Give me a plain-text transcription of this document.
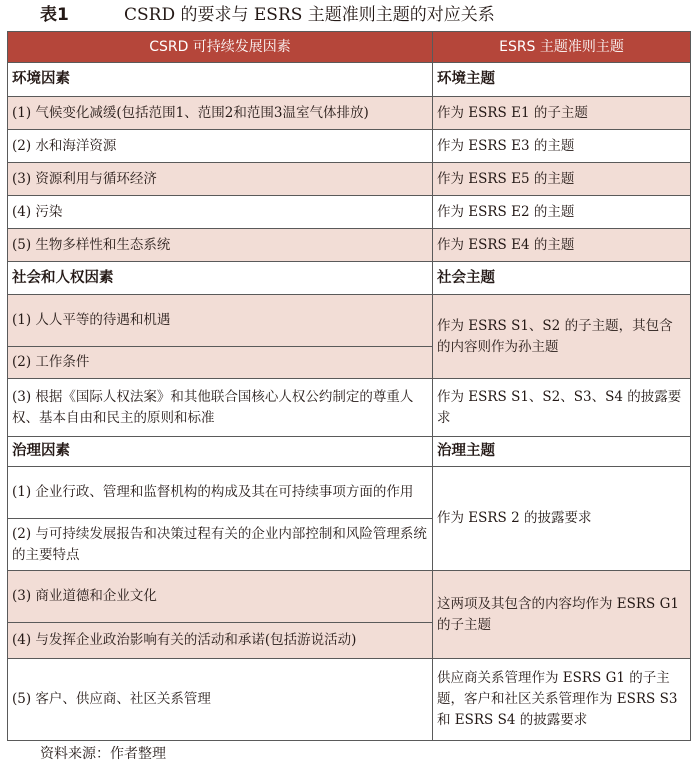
表1	CSRD 的要求与 ESRS 主题准则主题的对应关系
CSRD 可持续发展因素	ESRS 主题准则主题
环境因素	环境主题
(1) 气候变化减缓(包括范围1、范围2和范围3温室气体排放)	作为 ESRS E1 的子主题
(2) 水和海洋资源	作为 ESRS E3 的主题
(3) 资源利用与循环经济	作为 ESRS E5 的主题
(4) 污染	作为 ESRS E2 的主题
(5) 生物多样性和生态系统	作为 ESRS E4 的主题
社会和人权因素	社会主题
(1) 人人平等的待遇和机遇	作为 ESRS S1、S2 的子主题，其包含的内容则作为孙主题
(2) 工作条件	
(3) 根据《国际人权法案》和其他联合国核心人权公约制定的尊重人权、基本自由和民主的原则和标准	作为 ESRS S1、S2、S3、S4 的披露要求
治理因素	治理主题
(1) 企业行政、管理和监督机构的构成及其在可持续事项方面的作用	作为 ESRS 2 的披露要求
(2) 与可持续发展报告和决策过程有关的企业内部控制和风险管理系统的主要特点	
(3) 商业道德和企业文化	这两项及其包含的内容均作为 ESRS G1 的子主题
(4) 与发挥企业政治影响有关的活动和承诺(包括游说活动)	
(5) 客户、供应商、社区关系管理	供应商关系管理作为 ESRS G1 的子主题，客户和社区关系管理作为 ESRS S3 和 ESRS S4 的披露要求
资料来源：作者整理
